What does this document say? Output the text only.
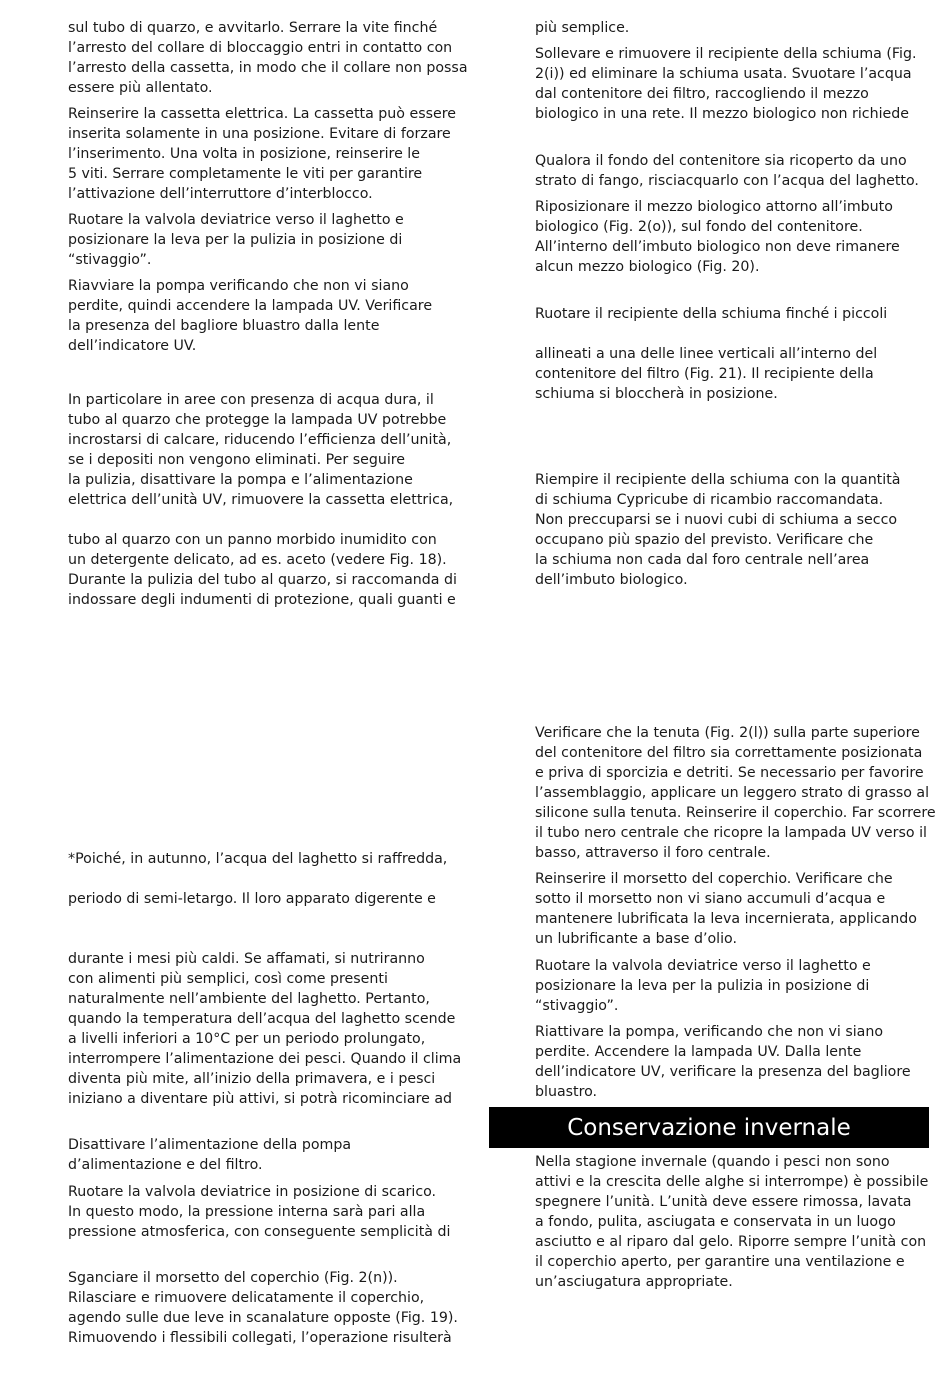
sul tubo di quarzo, e avvitarlo. Serrare la vite finché
l’arresto del collare di bloccaggio entri in contatto con
l’arresto della cassetta, in modo che il collare non possa
essere più allentato.
Reinserire la cassetta elettrica. La cassetta può essere
inserita solamente in una posizione. Evitare di forzare
l’inserimento. Una volta in posizione, reinserire le
5 viti. Serrare completamente le viti per garantire
l’attivazione dell’interruttore d’interblocco.
Ruotare la valvola deviatrice verso il laghetto e
posizionare la leva per la pulizia in posizione di
“stivaggio”.
Riavviare la pompa verificando che non vi siano
perdite, quindi accendere la lampada UV. Verificare
la presenza del bagliore bluastro dalla lente
dell’indicatore UV.
In particolare in aree con presenza di acqua dura, il
tubo al quarzo che protegge la lampada UV potrebbe
incrostarsi di calcare, riducendo l’efficienza dell’unità,
se i depositi non vengono eliminati. Per seguire
la pulizia, disattivare la pompa e l’alimentazione
elettrica dell’unità UV, rimuovere la cassetta elettrica,
tubo al quarzo con un panno morbido inumidito con
un detergente delicato, ad es. aceto (vedere Fig. 18).
Durante la pulizia del tubo al quarzo, si raccomanda di
indossare degli indumenti di protezione, quali guanti e
*Poiché, in autunno, l’acqua del laghetto si raffredda,
periodo di semi-letargo. Il loro apparato digerente e
durante i mesi più caldi. Se affamati, si nutriranno
con alimenti più semplici, così come presenti
naturalmente nell’ambiente del laghetto. Pertanto,
quando la temperatura dell’acqua del laghetto scende
a livelli inferiori a 10°C per un periodo prolungato,
interrompere l’alimentazione dei pesci. Quando il clima
diventa più mite, all’inizio della primavera, e i pesci
iniziano a diventare più attivi, si potrà ricominciare ad
Disattivare l’alimentazione della pompa
d’alimentazione e del filtro.
Ruotare la valvola deviatrice in posizione di scarico.
In questo modo, la pressione interna sarà pari alla
pressione atmosferica, con conseguente semplicità di
Sganciare il morsetto del coperchio (Fig. 2(n)).
Rilasciare e rimuovere delicatamente il coperchio,
agendo sulle due leve in scanalature opposte (Fig. 19).
Rimuovendo i flessibili collegati, l’operazione risulterà
più semplice.
Sollevare e rimuovere il recipiente della schiuma (Fig.
2(i)) ed eliminare la schiuma usata. Svuotare l’acqua
dal contenitore dei filtro, raccogliendo il mezzo
biologico in una rete. Il mezzo biologico non richiede
Qualora il fondo del contenitore sia ricoperto da uno
strato di fango, risciacquarlo con l’acqua del laghetto.
Riposizionare il mezzo biologico attorno all’imbuto
biologico (Fig. 2(o)), sul fondo del contenitore.
All’interno dell’imbuto biologico non deve rimanere
alcun mezzo biologico (Fig. 20).
Ruotare il recipiente della schiuma finché i piccoli
allineati a una delle linee verticali all’interno del
contenitore del filtro (Fig. 21). Il recipiente della
schiuma si bloccherà in posizione.
Riempire il recipiente della schiuma con la quantità
di schiuma Cypricube di ricambio raccomandata.
Non preccuparsi se i nuovi cubi di schiuma a secco
occupano più spazio del previsto. Verificare che
la schiuma non cada dal foro centrale nell’area
dell’imbuto biologico.
Verificare che la tenuta (Fig. 2(l)) sulla parte superiore
del contenitore del filtro sia correttamente posizionata
e priva di sporcizia e detriti. Se necessario per favorire
l’assemblaggio, applicare un leggero strato di grasso al
silicone sulla tenuta. Reinserire il coperchio. Far scorrere
il tubo nero centrale che ricopre la lampada UV verso il
basso, attraverso il foro centrale.
Reinserire il morsetto del coperchio. Verificare che
sotto il morsetto non vi siano accumuli d’acqua e
mantenere lubrificata la leva incernierata, applicando
un lubrificante a base d’olio.
Ruotare la valvola deviatrice verso il laghetto e
posizionare la leva per la pulizia in posizione di
“stivaggio”.
Riattivare la pompa, verificando che non vi siano
perdite. Accendere la lampada UV. Dalla lente
dell’indicatore UV, verificare la presenza del bagliore
bluastro.
Nella stagione invernale (quando i pesci non sono
attivi e la crescita delle alghe si interrompe) è possibile
spegnere l’unità. L’unità deve essere rimossa, lavata
a fondo, pulita, asciugata e conservata in un luogo
asciutto e al riparo dal gelo. Riporre sempre l’unità con
il coperchio aperto, per garantire una ventilazione e
un’asciugatura appropriate.
Conservazione invernale
